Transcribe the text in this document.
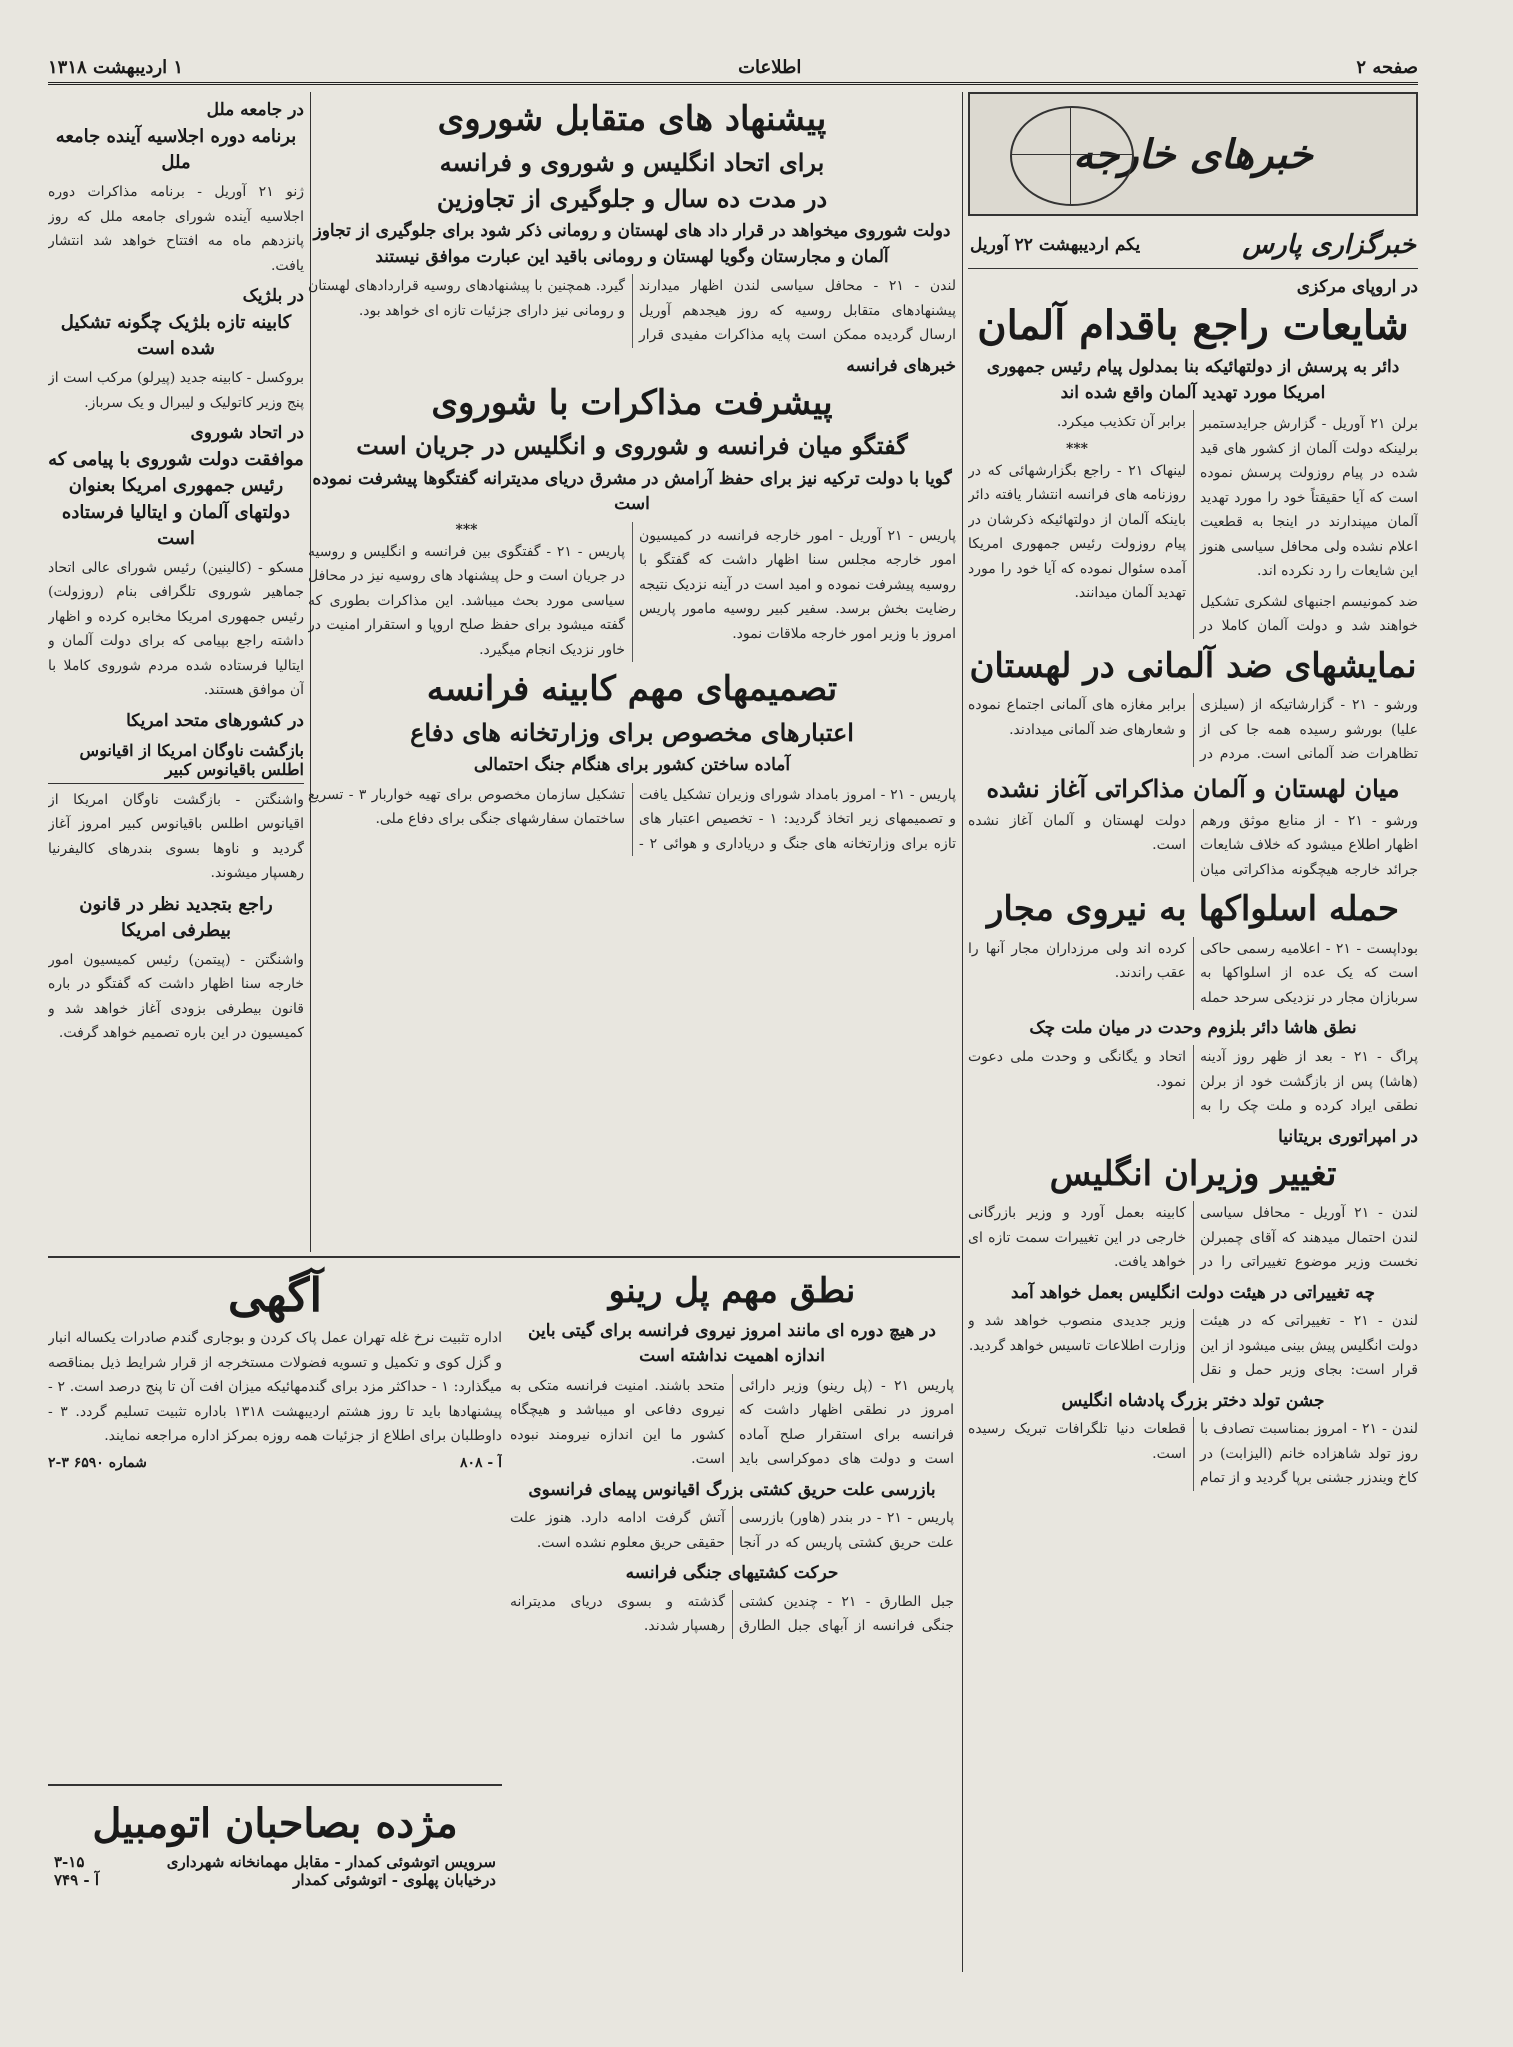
صفحه ۲
اطلاعات
۱ اردیبهشت ۱۳۱۸
خبرهای خارجه
خبرگزاری پارس
یکم اردیبهشت ۲۲ آوریل
در اروپای مرکزی
شایعات راجع باقدام آلمان
دائر به پرسش از دولتهائیکه بنا بمدلول پیام رئیس جمهوری امریکا مورد تهدید آلمان واقع شده اند

برلن ۲۱ آوریل - گزارش جرایدستمبر برلینکه دولت آلمان از کشور های قید شده در پیام روزولت پرسش نموده است که آیا حقیقتاً خود را مورد تهدید آلمان میپندارند در اینجا به قطعیت اعلام نشده ولی محافل سیاسی هنوز این شایعات را رد نکرده اند.

ضد کمونیسم اجنبهای لشکری تشکیل خواهند شد و دولت آلمان کاملا در برابر آن تکذیب میکرد.

***

لینهاک ۲۱ - راجع بگزارشهائی که در روزنامه های فرانسه انتشار یافته دائر باینکه آلمان از دولتهائیکه ذکرشان در پیام روزولت رئیس جمهوری امریکا آمده سئوال نموده که آیا خود را مورد تهدید آلمان میدانند.

نمایشهای ضد آلمانی در لهستان

ورشو - ۲۱ - گزارشاتیکه از (سیلزی علیا) بورشو رسیده همه جا کی از تظاهرات ضد آلمانی است. مردم در برابر مغازه های آلمانی اجتماع نموده و شعارهای ضد آلمانی میدادند.

میان لهستان و آلمان مذاکراتی آغاز نشده

ورشو - ۲۱ - از منابع موثق ورهم اظهار اطلاع میشود که خلاف شایعات جرائد خارجه هیچگونه مذاکراتی میان دولت لهستان و آلمان آغاز نشده است.

حمله اسلواکها به نیروی مجار

بوداپست - ۲۱ - اعلامیه رسمی حاکی است که یک عده از اسلواکها به سربازان مجار در نزدیکی سرحد حمله کرده اند ولی مرزداران مجار آنها را عقب راندند.

نطق هاشا دائر بلزوم وحدت در میان ملت چک

پراگ - ۲۱ - بعد از ظهر روز آدینه (هاشا) پس از بازگشت خود از برلن نطقی ایراد کرده و ملت چک را به اتحاد و یگانگی و وحدت ملی دعوت نمود.

در امپراتوری بریتانیا
تغییر وزیران انگلیس

لندن - ۲۱ آوریل - محافل سیاسی لندن احتمال میدهند که آقای چمبرلن نخست وزیر موضوع تغییراتی را در کابینه بعمل آورد و وزیر بازرگانی خارجی در این تغییرات سمت تازه ای خواهد یافت.

چه تغییراتی در هیئت دولت انگلیس بعمل خواهد آمد

لندن - ۲۱ - تغییراتی که در هیئت دولت انگلیس پیش بینی میشود از این قرار است: بجای وزیر حمل و نقل وزیر جدیدی منصوب خواهد شد و وزارت اطلاعات تاسیس خواهد گردید.

جشن تولد دختر بزرگ پادشاه انگلیس

لندن - ۲۱ - امروز بمناسبت تصادف با روز تولد شاهزاده خانم (الیزابت) در کاخ ویندزر جشنی برپا گردید و از تمام قطعات دنیا تلگرافات تبریک رسیده است.

پیشنهاد های متقابل شوروی
برای اتحاد انگلیس و شوروی و فرانسه
در مدت ده سال و جلوگیری از تجاوزین
دولت شوروی میخواهد در قرار داد های لهستان و رومانی ذکر شود برای جلوگیری از تجاوز آلمان و مجارستان وگویا لهستان و رومانی باقید این عبارت موافق نیستند

لندن - ۲۱ - محافل سیاسی لندن اظهار میدارند پیشنهادهای متقابل روسیه که روز هیجدهم آوریل ارسال گردیده ممکن است پایه مذاکرات مفیدی قرار گیرد. همچنین با پیشنهادهای روسیه قراردادهای لهستان و رومانی نیز دارای جزئیات تازه ای خواهد بود.

خبرهای فرانسه
پیشرفت مذاکرات با شوروی
گفتگو میان فرانسه و شوروی و انگلیس در جریان است
گویا با دولت ترکیه نیز برای حفظ آرامش در مشرق دریای مدیترانه گفتگوها پیشرفت نموده است

پاریس - ۲۱ آوریل - امور خارجه فرانسه در کمیسیون امور خارجه مجلس سنا اظهار داشت که گفتگو با روسیه پیشرفت نموده و امید است در آینه نزدیک نتیجه رضایت بخش برسد. سفیر کبیر روسیه مامور پاریس امروز با وزیر امور خارجه ملاقات نمود.

***

پاریس - ۲۱ - گفتگوی بین فرانسه و انگلیس و روسیه در جریان است و حل پیشنهاد های روسیه نیز در محافل سیاسی مورد بحث میباشد. این مذاکرات بطوری که گفته میشود برای حفظ صلح اروپا و استقرار امنیت در خاور نزدیک انجام میگیرد.

تصمیمهای مهم کابینه فرانسه
اعتبارهای مخصوص برای وزارتخانه های دفاع
آماده ساختن کشور برای هنگام جنگ احتمالی

پاریس - ۲۱ - امروز بامداد شورای وزیران تشکیل یافت و تصمیمهای زیر اتخاذ گردید: ۱ - تخصیص اعتبار های تازه برای وزارتخانه های جنگ و دریاداری و هوائی ۲ - تشکیل سازمان مخصوص برای تهیه خواربار ۳ - تسریع ساختمان سفارشهای جنگی برای دفاع ملی.

در جامعه ملل
برنامه دوره اجلاسیه آینده جامعه ملل

ژنو ۲۱ آوریل - برنامه مذاکرات دوره اجلاسیه آینده شورای جامعه ملل که روز پانزدهم ماه مه افتتاح خواهد شد انتشار یافت.

در بلژیک
کابینه تازه بلژیک چگونه تشکیل شده است

بروکسل - کابینه جدید (پیرلو) مرکب است از پنج وزیر کاتولیک و لیبرال و یک سرباز.

در اتحاد شوروی
موافقت دولت شوروی با پیامی که رئیس جمهوری امریکا بعنوان دولتهای آلمان و ایتالیا فرستاده است

مسکو - (کالینین) رئیس شورای عالی اتحاد جماهیر شوروی تلگرافی بنام (روزولت) رئیس جمهوری امریکا مخابره کرده و اظهار داشته راجع بپیامی که برای دولت آلمان و ایتالیا فرستاده شده مردم شوروی کاملا با آن موافق هستند.

در کشورهای متحد امریکا
بازگشت ناوگان امریکا از اقیانوس اطلس باقیانوس کبیر

واشنگتن - بازگشت ناوگان امریکا از اقیانوس اطلس باقیانوس کبیر امروز آغاز گردید و ناوها بسوی بندرهای کالیفرنیا رهسپار میشوند.

راجع بتجدید نظر در قانون بیطرفی امریکا

واشنگتن - (پیتمن) رئیس کمیسیون امور خارجه سنا اظهار داشت که گفتگو در باره قانون بیطرفی بزودی آغاز خواهد شد و کمیسیون در این باره تصمیم خواهد گرفت.

نطق مهم پل رینو
در هیچ دوره ای مانند امروز نیروی فرانسه برای گیتی باین اندازه اهمیت نداشته است

پاریس ۲۱ - (پل رینو) وزیر دارائی امروز در نطقی اظهار داشت که فرانسه برای استقرار صلح آماده است و دولت های دموکراسی باید متحد باشند. امنیت فرانسه متکی به نیروی دفاعی او میباشد و هیچگاه کشور ما این اندازه نیرومند نبوده است.

بازرسی علت حریق کشتی بزرگ اقیانوس پیمای فرانسوی

پاریس - ۲۱ - در بندر (هاور) بازرسی علت حریق کشتی پاریس که در آنجا آتش گرفت ادامه دارد. هنوز علت حقیقی حریق معلوم نشده است.

حرکت کشتیهای جنگی فرانسه

جبل الطارق - ۲۱ - چندین کشتی جنگی فرانسه از آبهای جبل الطارق گذشته و بسوی دریای مدیترانه رهسپار شدند.

آگهی

اداره تثبیت نرخ غله تهران عمل پاک کردن و بوجاری گندم صادرات یکساله انبار و گزل کوی و تکمیل و تسویه فضولات مستخرجه از قرار شرایط ذیل بمناقصه میگذارد: ۱ - حداکثر مزد برای گندمهائیکه میزان افت آن تا پنج درصد است. ۲ - پیشنهادها باید تا روز هشتم اردیبهشت ۱۳۱۸ باداره تثبیت تسلیم گردد. ۳ - داوطلبان برای اطلاع از جزئیات همه روزه بمرکز اداره مراجعه نمایند.

آ - ۸۰۸
شماره ۶۵۹۰ ۳-۲
مژده بصاحبان اتومبیل
سرویس اتوشوئی کمدار - مقابل مهمانخانه شهرداری
۳-۱۵
درخیابان پهلوی - اتوشوئی کمدار
آ - ۷۴۹
